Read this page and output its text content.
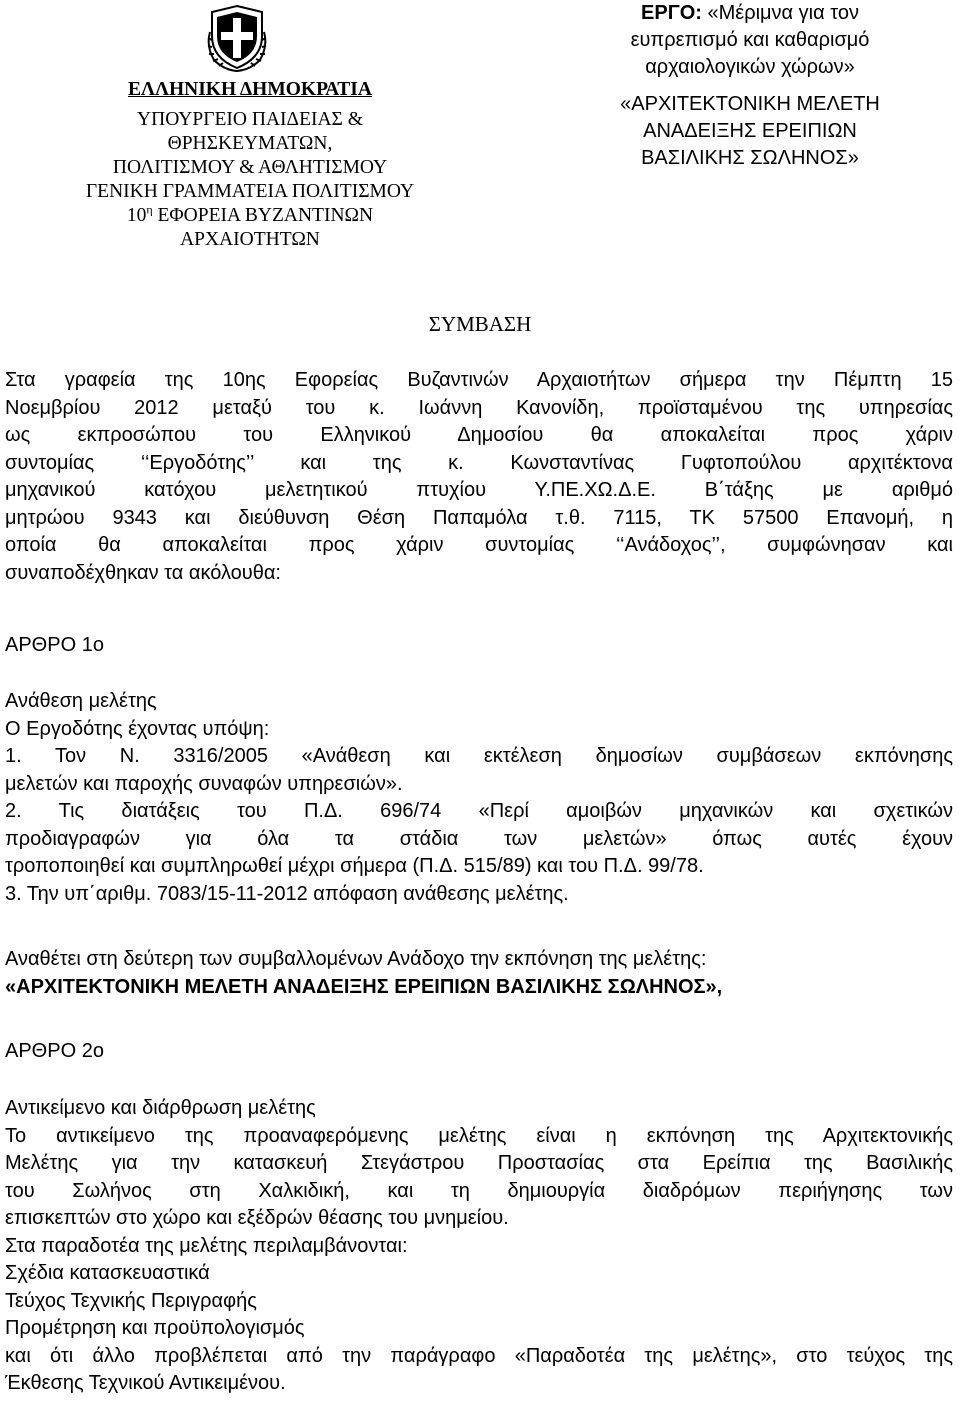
ΕΛΛΗΝΙΚΗ ΔΗΜΟΚΡΑΤΙΑ
ΥΠΟΥΡΓΕΙΟ ΠΑΙΔΕΙΑΣ &
ΘΡΗΣΚΕΥΜΑΤΩΝ,
ΠΟΛΙΤΙΣΜΟΥ & ΑΘΛΗΤΙΣΜΟΥ
ΓΕΝΙΚΗ ΓΡΑΜΜΑΤΕΙΑ ΠΟΛΙΤΙΣΜΟΥ
$10^\eta$ ΕΦΟΡΕΙΑ ΒΥΖΑΝΤΙΝΩΝ ΑΡΧΑΙΟΤΗΤΩΝ
ΕΡΓΟ: «Μέριμνα για τον
ευπρεπισμό και καθαρισμό
αρχαιολογικών χώρων»
«ΑΡΧΙΤΕΚΤΟΝΙΚΗ ΜΕΛΕΤΗ
ΑΝΑΔΕΙΞΗΣ ΕΡΕΙΠΙΩΝ
ΒΑΣΙΛΙΚΗΣ ΣΩΛΗΝΟΣ»
ΣΥΜΒΑΣΗ
Στα γραφεία της 10ης Εφορείας Βυζαντινών Αρχαιοτήτων σήμερα την Πέμπτη 15
Νοεμβρίου 2012 μεταξύ του κ. Ιωάννη Κανονίδη, προϊσταμένου της υπηρεσίας
ως εκπροσώπου του Ελληνικού Δημοσίου θα αποκαλείται προς χάριν
συντομίας ‘‘Εργοδότης’’ και της κ. Κωνσταντίνας Γυφτοπούλου αρχιτέκτονα
μηχανικού κατόχου μελετητικού πτυχίου Υ.ΠΕ.ΧΩ.Δ.Ε. Β΄τάξης με αριθμό
μητρώου 9343 και διεύθυνση Θέση Παπαμόλα τ.θ. 7115, ΤΚ 57500 Επανομή, η
οποία θα αποκαλείται προς χάριν συντομίας ‘‘Ανάδοχος’’, συμφώνησαν και
συναποδέχθηκαν τα ακόλουθα:
ΑΡΘΡΟ 1ο
Ανάθεση μελέτης
Ο Εργοδότης έχοντας υπόψη:
1. Τον Ν. 3316/2005 «Ανάθεση και εκτέλεση δημοσίων συμβάσεων εκπόνησης
μελετών και παροχής συναφών υπηρεσιών».
2. Τις διατάξεις του Π.Δ. 696/74 «Περί αμοιβών μηχανικών και σχετικών
προδιαγραφών για όλα τα στάδια των μελετών» όπως αυτές έχουν
τροποποιηθεί και συμπληρωθεί μέχρι σήμερα (Π.Δ. 515/89) και του Π.Δ. 99/78.
3. Την υπ΄αριθμ. 7083/15-11-2012 απόφαση ανάθεσης μελέτης.
Αναθέτει στη δεύτερη των συμβαλλομένων Ανάδοχο την εκπόνηση της μελέτης:
«ΑΡΧΙΤΕΚΤΟΝΙΚΗ ΜΕΛΕΤΗ ΑΝΑΔΕΙΞΗΣ ΕΡΕΙΠΙΩΝ ΒΑΣΙΛΙΚΗΣ ΣΩΛΗΝΟΣ»,
ΑΡΘΡΟ 2ο
Αντικείμενο και διάρθρωση μελέτης
Το αντικείμενο της προαναφερόμενης μελέτης είναι η εκπόνηση της Αρχιτεκτονικής
Μελέτης για την κατασκευή Στεγάστρου Προστασίας στα Ερείπια της Βασιλικής
του Σωλήνος στη Χαλκιδική, και τη δημιουργία διαδρόμων περιήγησης των
επισκεπτών στο χώρο και εξέδρών θέασης του μνημείου.
Στα παραδοτέα της μελέτης περιλαμβάνονται:
Σχέδια κατασκευαστικά
Τεύχος Τεχνικής Περιγραφής
Προμέτρηση και προϋπολογισμός
και ότι άλλο προβλέπεται από την παράγραφο «Παραδοτέα της μελέτης», στο τεύχος της
Έκθεσης Τεχνικού Αντικειμένου.
